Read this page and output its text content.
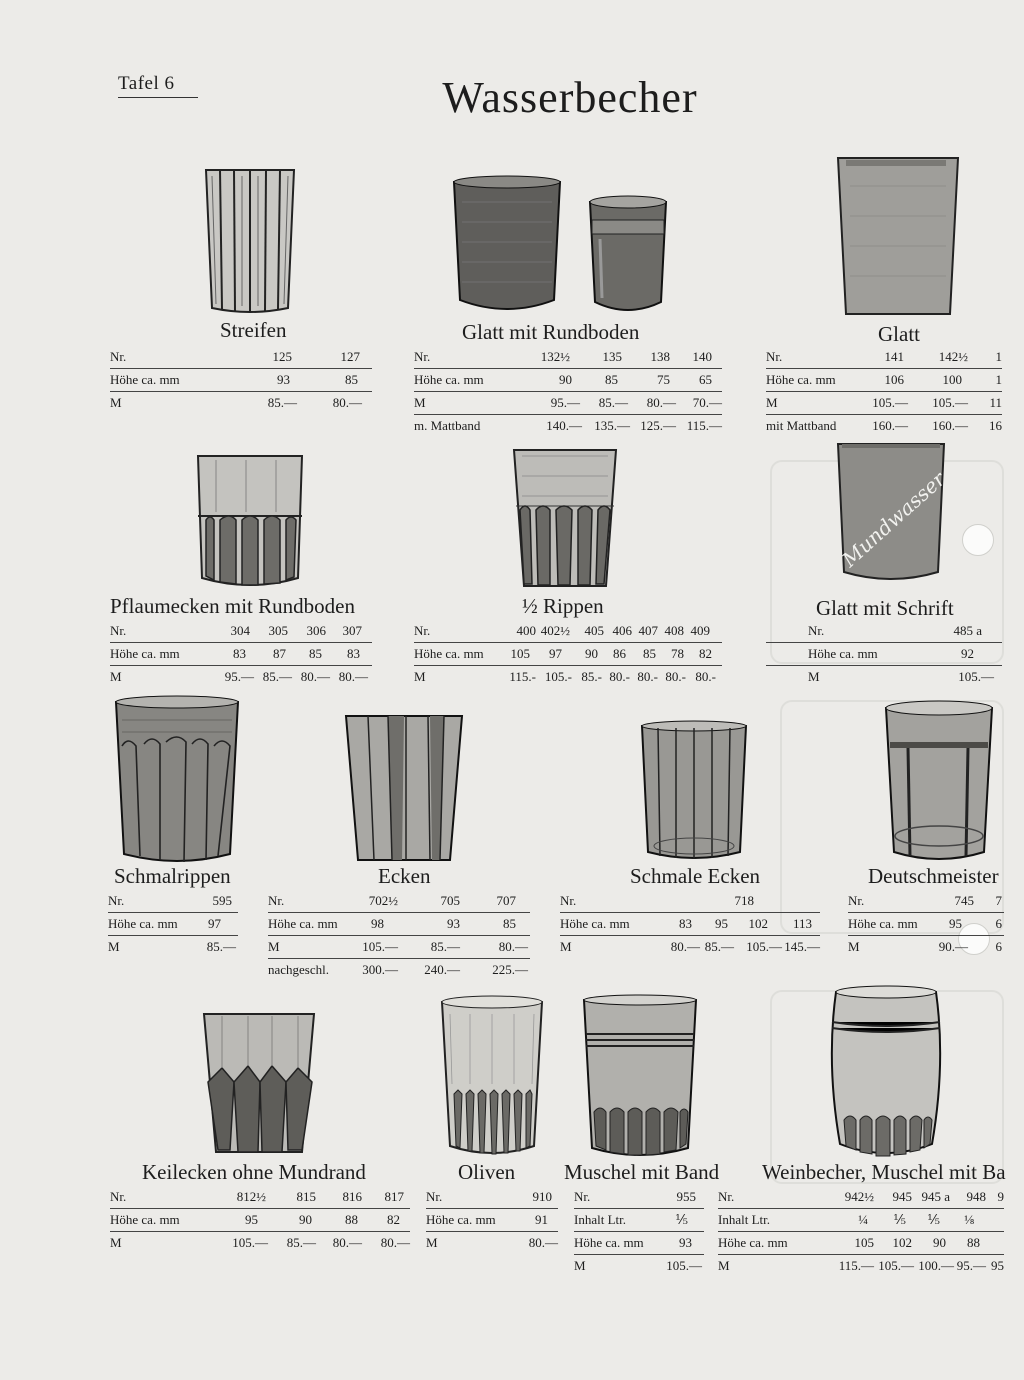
Tafel 6	Wasserbecher
Streifen
Nr.	125	127
Höhe ca. mm	93	85
M	85.—	80.—
Glatt mit Rundboden
Nr.	132½	135 138 140
Höhe ca. mm	90	85	75 65
M	95.— 85.— 80.— 70.—
m. Mattband	140.— 135.— 125.— 115.—
Glatt
Nr.	141	142½ 1
Höhe ca. mm	106	100	1
M	105.— 105.— 11
mit Mattband	160.— 160.— 16
Pflaumecken mit Rundboden
Nr.	304 305 306 307
Höhe ca. mm	83 87 85 83
M	95.— 85.— 80.— 80.—
½ Rippen
Nr.	400 402½ 405 406 407 408 409
Höhe ca. mm 105 97 90 86 85 78 82
M	115.- 105.- 85.- 80.- 80.- 80.- 80.-
Mundwasser
Glatt mit Schrift
Nr.	485 a
Höhe ca. mm	92
M	105.—
Schmalrippen
Nr.	595
Höhe ca. mm 97
M	85.—
Ecken
Nr.	702½	705	707
Höhe ca. mm	98	93	85
M	105.—	85.—	80.—
nachgeschl.	300.— 240.— 225.—
Schmale Ecken
Nr.	718
Höhe ca. mm	83 95 102 113
M	80.— 85.— 105.— 145.—
Deutschmeister
Nr.	745 7
Höhe ca. mm 95	6
M	90.— 6
Keilecken ohne Mundrand
Nr.	812½ 815 816 817
Höhe ca. mm	95	90	88 82
M	105.— 85.— 80.— 80.—
Oliven
Nr.	910
Höhe ca. mm	91
M	80.—
Muschel mit Band
Nr.	955
Inhalt Ltr.	⅕
Höhe ca. mm	93
M	105.—
Weinbecher, Muschel mit Ba
Nr.	942½ 945 945 a 948 9
Inhalt Ltr.	¼ ⅕ ⅕ ⅛
Höhe ca. mm	105 102 90 88
M	115.— 105.— 100.— 95.— 95
